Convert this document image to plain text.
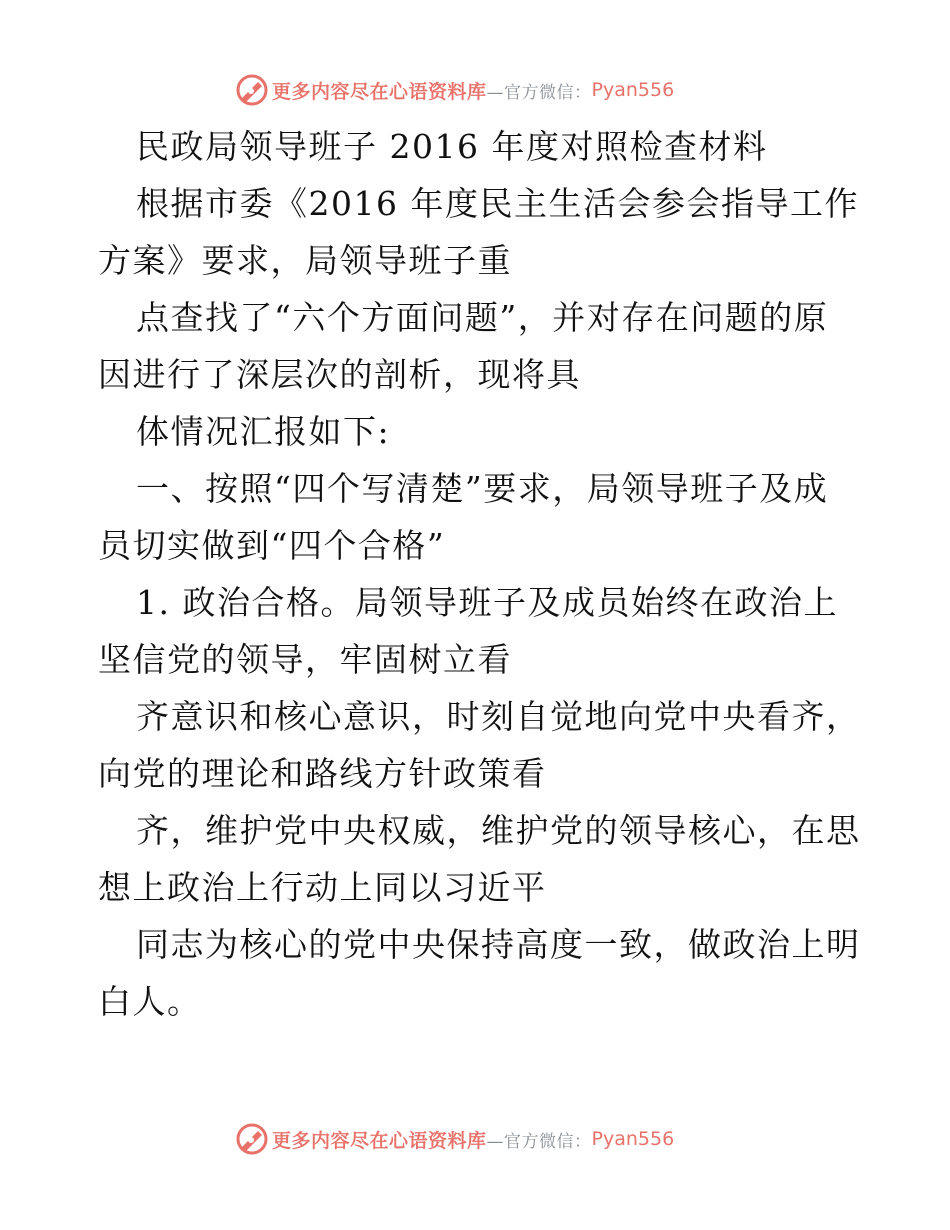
更多内容尽在心语资料库 —官方微信： Pyan556
民政局领导班子 2016 年度对照检查材料
根据市委《2016 年度民主生活会参会指导工作
方案》要求，局领导班子重
点查找了“六个方面问题”，并对存在问题的原
因进行了深层次的剖析，现将具
体情况汇报如下:
一、按照“四个写清楚”要求，局领导班子及成
员切实做到“四个合格”
1. 政治合格。局领导班子及成员始终在政治上
坚信党的领导，牢固树立看
齐意识和核心意识，时刻自觉地向党中央看齐，
向党的理论和路线方针政策看
齐，维护党中央权威，维护党的领导核心，在思
想上政治上行动上同以习近平
同志为核心的党中央保持高度一致，做政治上明
白人。
更多内容尽在心语资料库 —官方微信： Pyan556
